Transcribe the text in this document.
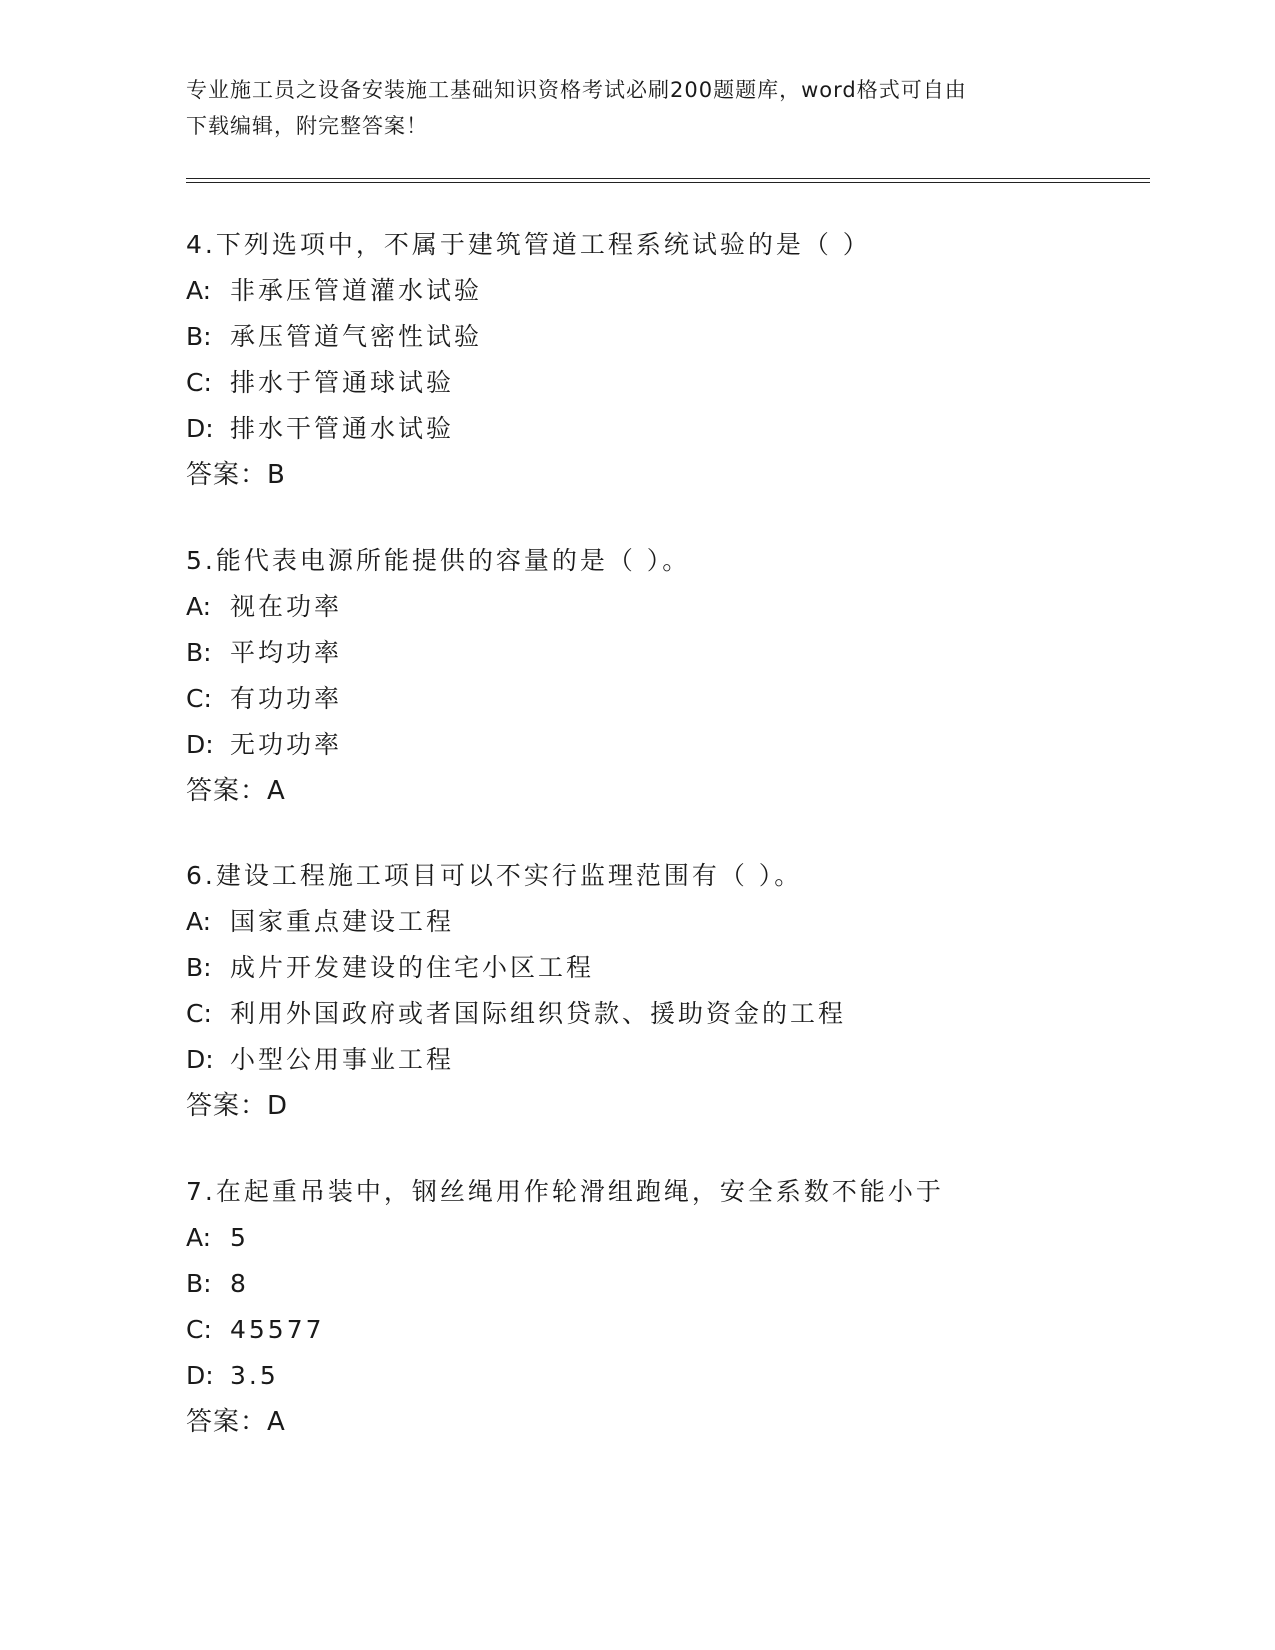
专业施工员之设备安装施工基础知识资格考试必刷200题题库，word格式可自由
下载编辑，附完整答案！
4.下列选项中，不属于建筑管道工程系统试验的是（ ）
A: 非承压管道灌水试验
B: 承压管道气密性试验
C: 排水于管通球试验
D: 排水干管通水试验
答案：B
5.能代表电源所能提供的容量的是（ ）。
A: 视在功率
B: 平均功率
C: 有功功率
D: 无功功率
答案：A
6.建设工程施工项目可以不实行监理范围有（ ）。
A: 国家重点建设工程
B: 成片开发建设的住宅小区工程
C: 利用外国政府或者国际组织贷款、援助资金的工程
D: 小型公用事业工程
答案：D
7.在起重吊装中，钢丝绳用作轮滑组跑绳，安全系数不能小于
A: 5
B: 8
C: 45577
D: 3.5
答案：A
